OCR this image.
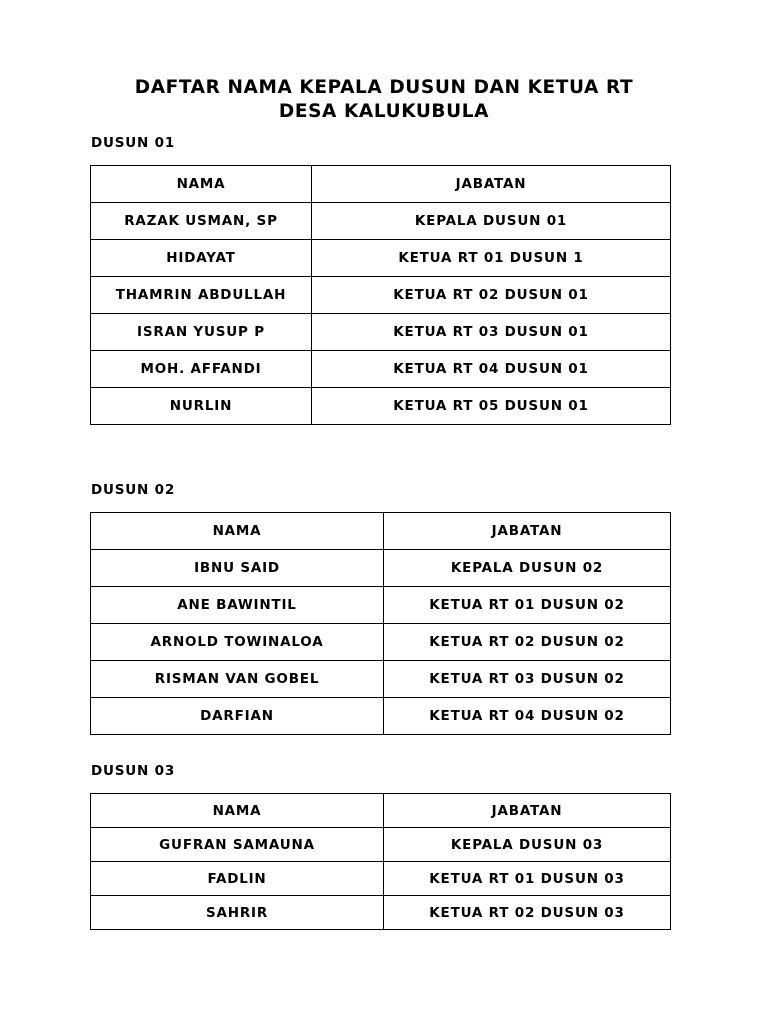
DAFTAR NAMA KEPALA DUSUN DAN KETUA RT
DESA KALUKUBULA
DUSUN 01
NAMA	JABATAN
RAZAK USMAN, SP	KEPALA DUSUN 01
HIDAYAT	KETUA RT 01 DUSUN 1
THAMRIN ABDULLAH	KETUA RT 02 DUSUN 01
ISRAN YUSUP P	KETUA RT 03 DUSUN 01
MOH. AFFANDI	KETUA RT 04 DUSUN 01
NURLIN	KETUA RT 05 DUSUN 01
DUSUN 02
NAMA	JABATAN
IBNU SAID	KEPALA DUSUN 02
ANE BAWINTIL	KETUA RT 01 DUSUN 02
ARNOLD TOWINALOA	KETUA RT 02 DUSUN 02
RISMAN VAN GOBEL	KETUA RT 03 DUSUN 02
DARFIAN	KETUA RT 04 DUSUN 02
DUSUN 03
NAMA	JABATAN
GUFRAN SAMAUNA	KEPALA DUSUN 03
FADLIN	KETUA RT 01 DUSUN 03
SAHRIR	KETUA RT 02 DUSUN 03
